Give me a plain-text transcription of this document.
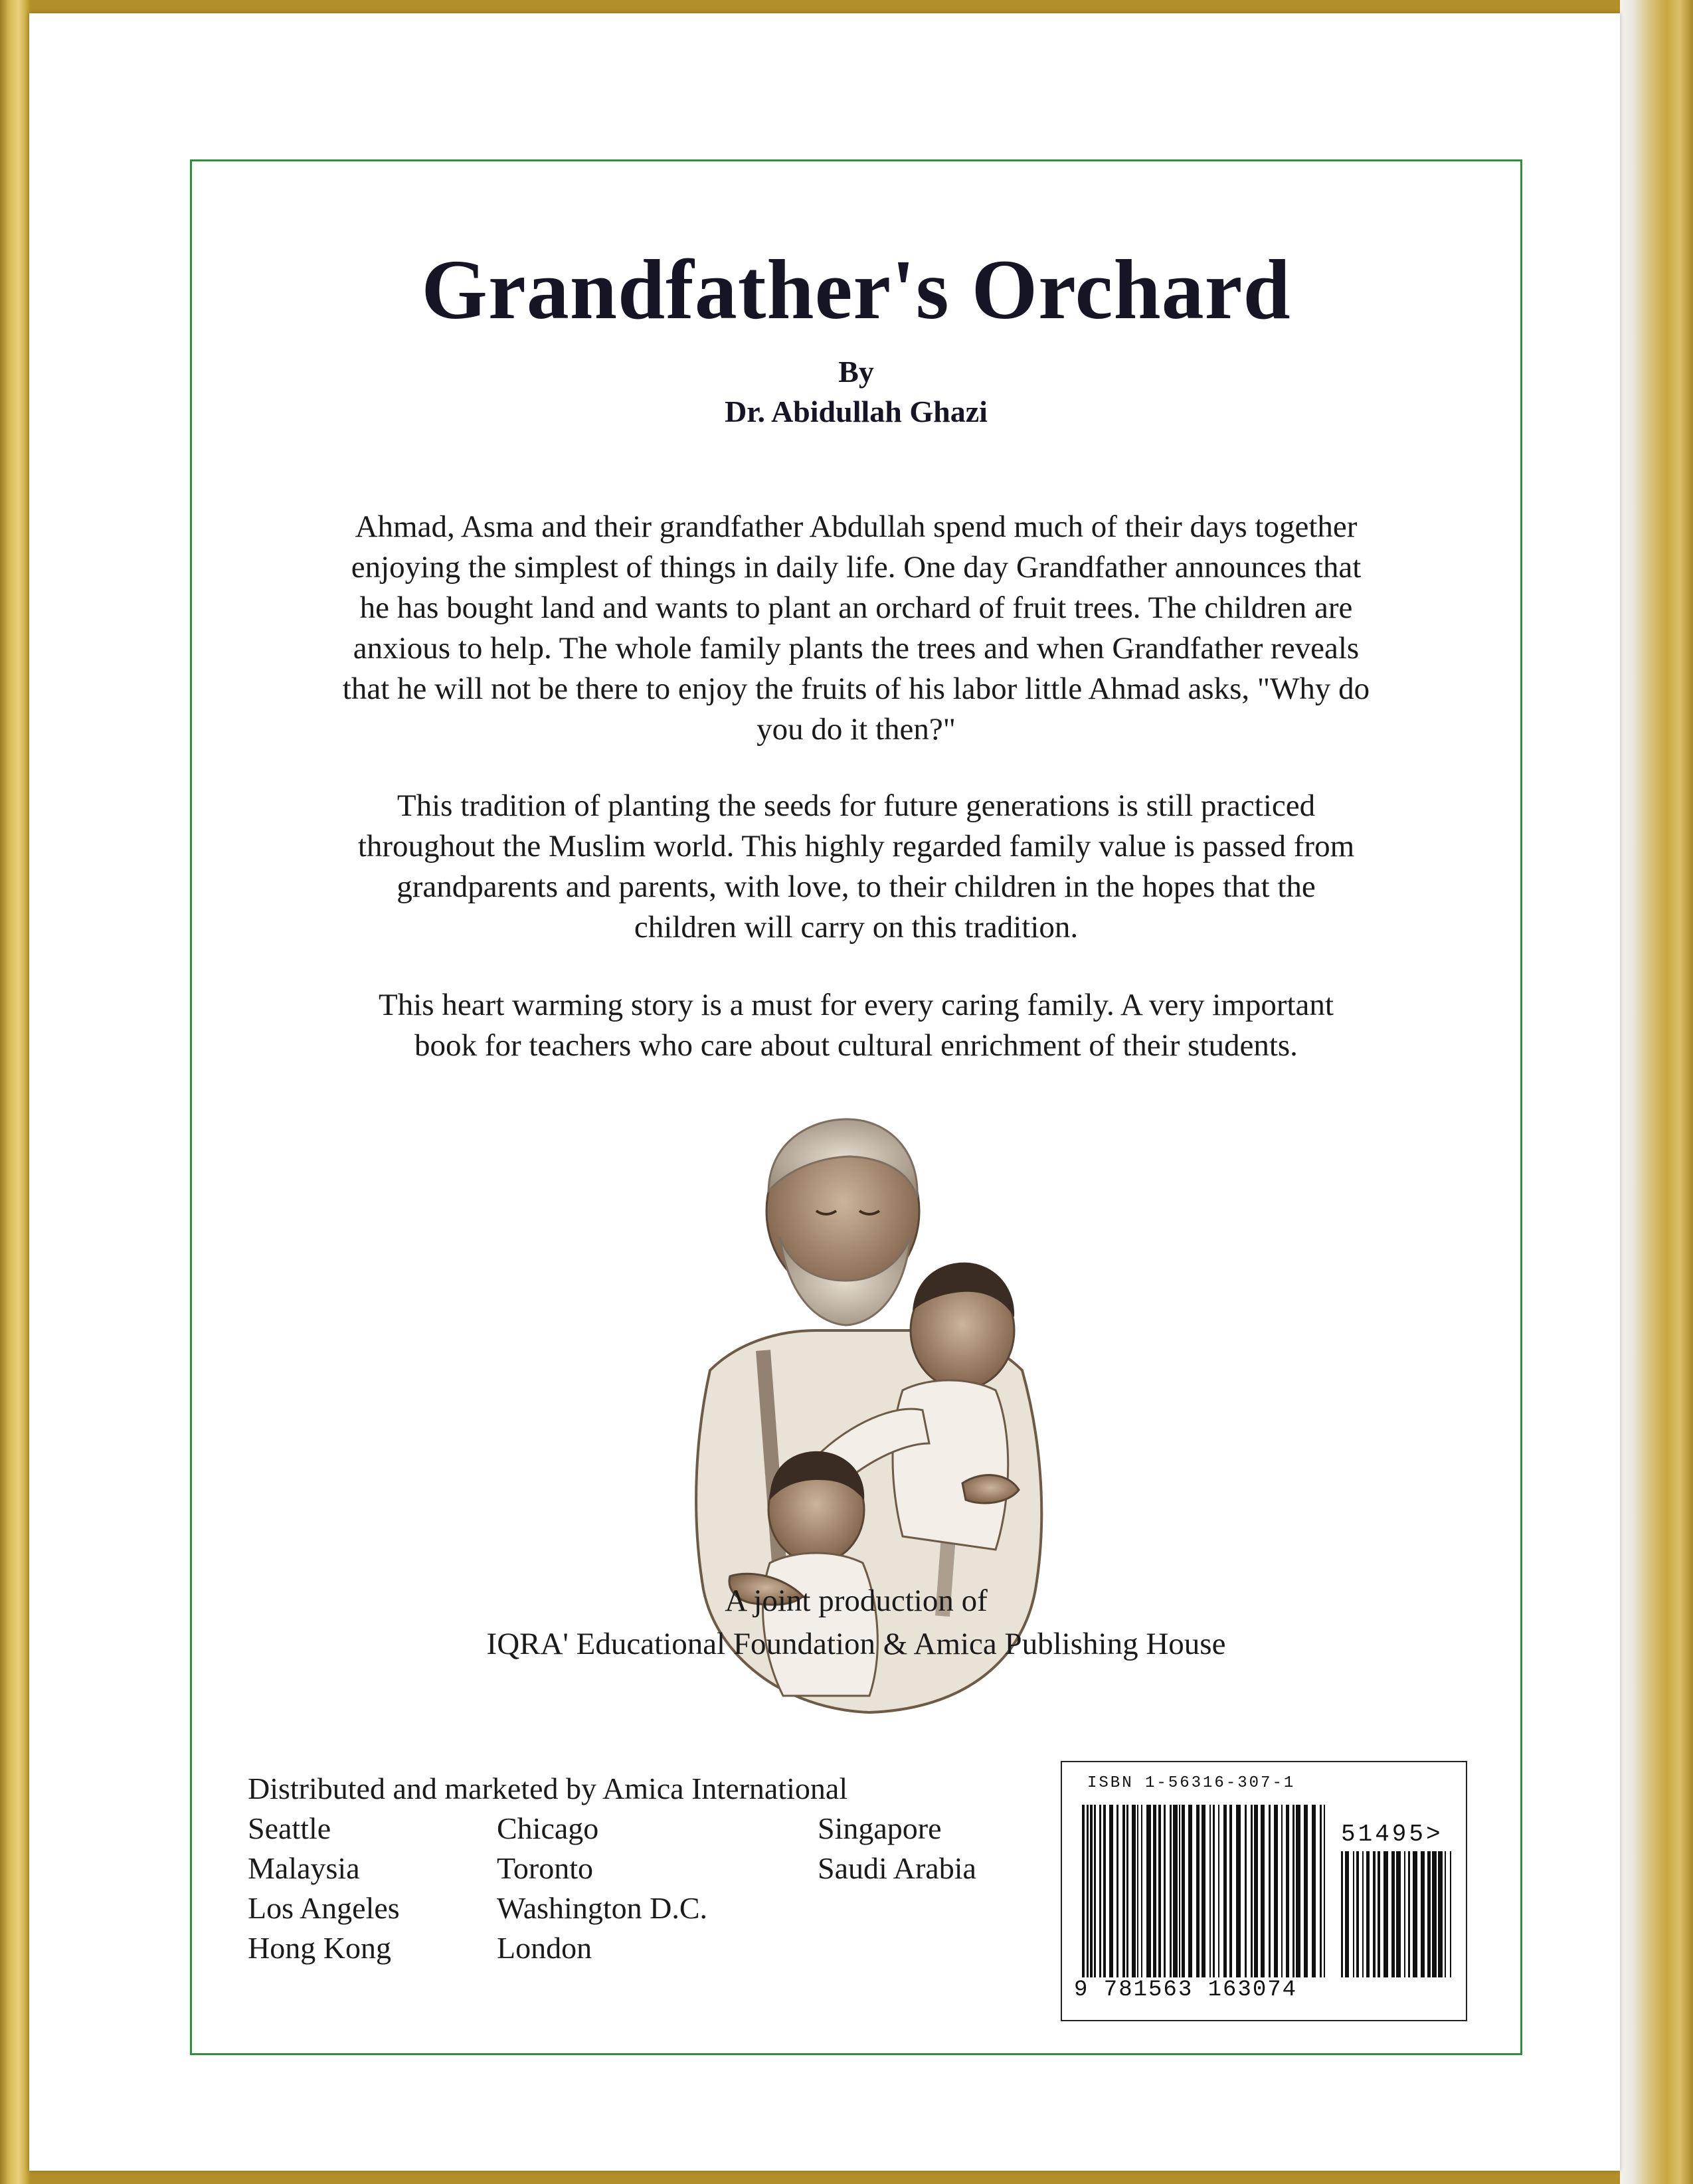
Grandfather's Orchard
By
Dr. Abidullah Ghazi
Ahmad, Asma and their grandfather Abdullah spend much of their days together
enjoying the simplest of things in daily life. One day Grandfather announces that
he has bought land and wants to plant an orchard of fruit trees. The children are
anxious to help. The whole family plants the trees and when Grandfather reveals
that he will not be there to enjoy the fruits of his labor little Ahmad asks, "Why do
you do it then?"
This tradition of planting the seeds for future generations is still practiced
throughout the Muslim world. This highly regarded family value is passed from
grandparents and parents, with love, to their children in the hopes that the
children will carry on this tradition.
This heart warming story is a must for every caring family. A very important
book for teachers who care about cultural enrichment of their students.
A joint production of
IQRA' Educational Foundation & Amica Publishing House
Distributed and marketed by Amica International
Seattle
Malaysia
Los Angeles
Hong Kong
Chicago
Toronto
Washington D.C.
London
Singapore
Saudi Arabia
ISBN 1-56316-307-1
51495>
9 781563 163074
